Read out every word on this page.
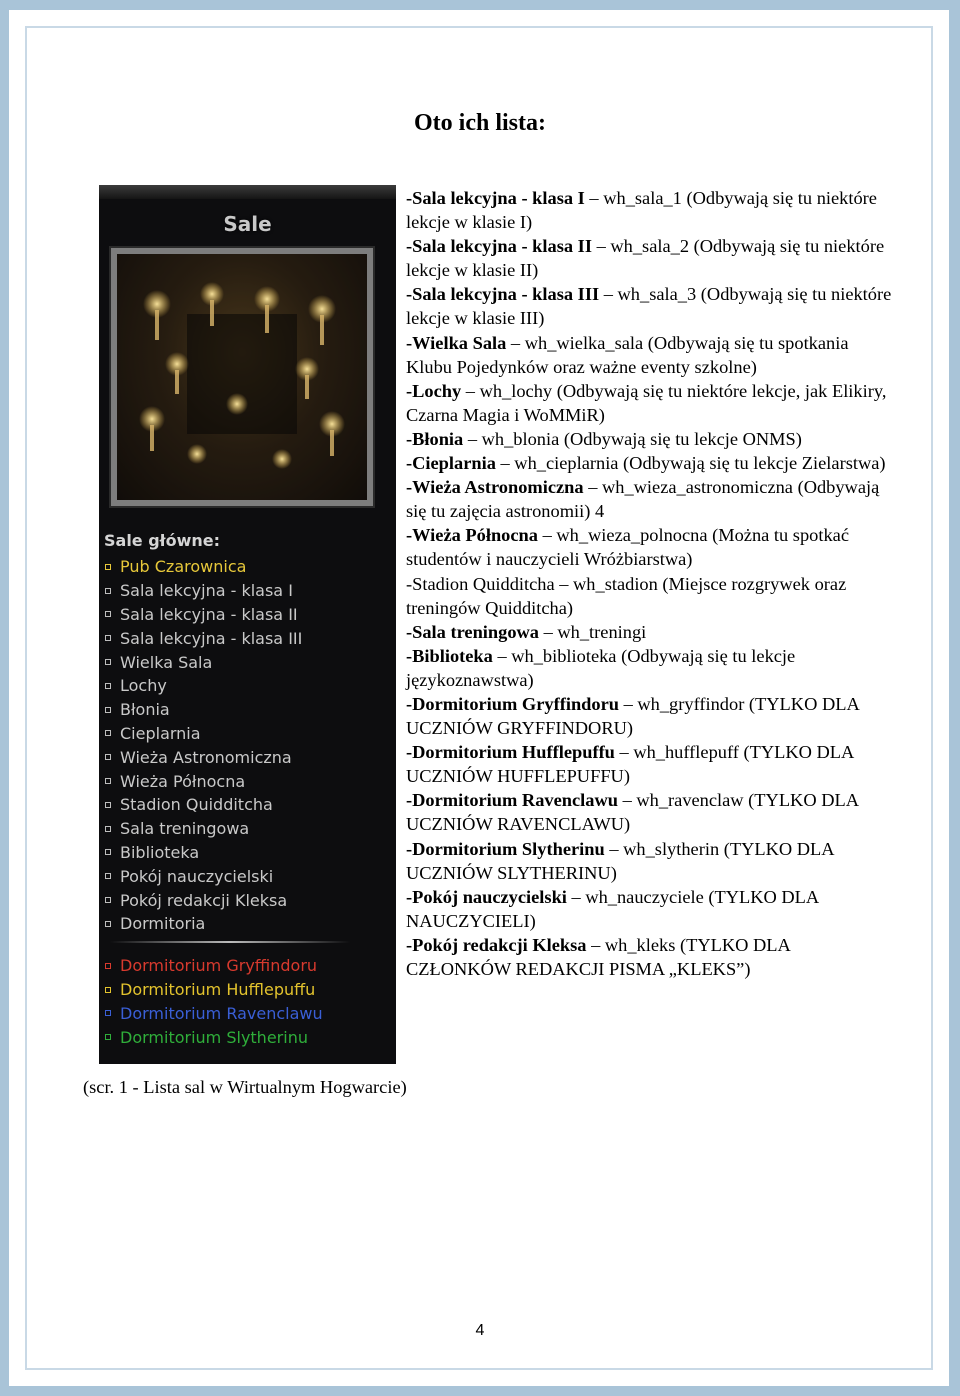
Oto ich lista:
Sale
Sale główne:
Pub Czarownica
Sala lekcyjna - klasa I
Sala lekcyjna - klasa II
Sala lekcyjna - klasa III
Wielka Sala
Lochy
Błonia
Cieplarnia
Wieża Astronomiczna
Wieża Północna
Stadion Quidditcha
Sala treningowa
Biblioteka
Pokój nauczycielski
Pokój redakcji Kleksa
Dormitoria
Dormitorium Gryffindoru
Dormitorium Hufflepuffu
Dormitorium Ravenclawu
Dormitorium Slytherinu

-Sala lekcyjna - klasa I – wh_sala_1 (Odbywają się tu niektóre lekcje w klasie I)

-Sala lekcyjna - klasa II – wh_sala_2 (Odbywają się tu niektóre lekcje w klasie II)

-Sala lekcyjna - klasa III – wh_sala_3 (Odbywają się tu niektóre lekcje w klasie III)

-Wielka Sala – wh_wielka_sala (Odbywają się tu spotkania Klubu Pojedynków oraz ważne eventy szkolne)

-Lochy – wh_lochy (Odbywają się tu niektóre lekcje, jak Elikiry, Czarna Magia i WoMMiR)

-Błonia – wh_blonia (Odbywają się tu lekcje ONMS)

-Cieplarnia – wh_cieplarnia (Odbywają się tu lekcje Zielarstwa)

-Wieża Astronomiczna – wh_wieza_astronomiczna (Odbywają się tu zajęcia astronomii) 4

-Wieża Północna – wh_wieza_polnocna (Można tu spotkać studentów i nauczycieli Wróżbiarstwa)

-Stadion Quidditcha – wh_stadion (Miejsce rozgrywek oraz treningów Quidditcha)

-Sala treningowa – wh_treningi

-Biblioteka – wh_biblioteka (Odbywają się tu lekcje językoznawstwa)

-Dormitorium Gryffindoru – wh_gryffindor (TYLKO DLA UCZNIÓW GRYFFINDORU)

-Dormitorium Hufflepuffu – wh_hufflepuff (TYLKO DLA UCZNIÓW HUFFLEPUFFU)

-Dormitorium Ravenclawu – wh_ravenclaw (TYLKO DLA UCZNIÓW RAVENCLAWU)

-Dormitorium Slytherinu – wh_slytherin (TYLKO DLA UCZNIÓW SLYTHERINU)

-Pokój nauczycielski – wh_nauczyciele (TYLKO DLA NAUCZYCIELI)

-Pokój redakcji Kleksa – wh_kleks (TYLKO DLA CZŁONKÓW REDAKCJI PISMA „KLEKS”)

(scr. 1 - Lista sal w Wirtualnym Hogwarcie)
4
